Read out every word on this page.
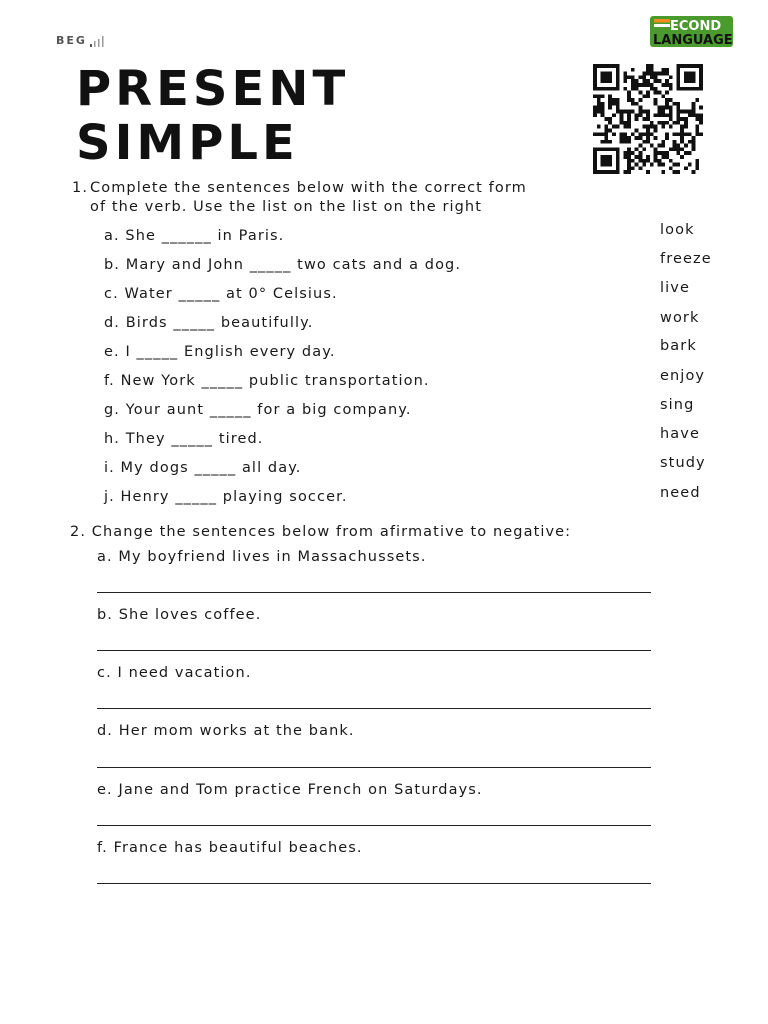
BEG
ECOND
LANGUAGE
PRESENT
SIMPLE
1. Complete the sentences below with the correct form of the verb. Use the list on the list on the right
a. She ______ in Paris.
b. Mary and John _____ two cats and a dog.
c. Water _____ at 0° Celsius.
d. Birds _____ beautifully.
e. I _____ English every day.
f. New York _____ public transportation.
g. Your aunt _____ for a big company.
h. They _____ tired.
i. My dogs _____ all day.
j. Henry _____ playing soccer.
look
freeze
live
work
bark
enjoy
sing
have
study
need
2. Change the sentences below from afirmative to negative:
a. My boyfriend lives in Massachussets.
b. She loves coffee.
c. I need vacation.
d. Her mom works at the bank.
e. Jane and Tom practice French on Saturdays.
f. France has beautiful beaches.
